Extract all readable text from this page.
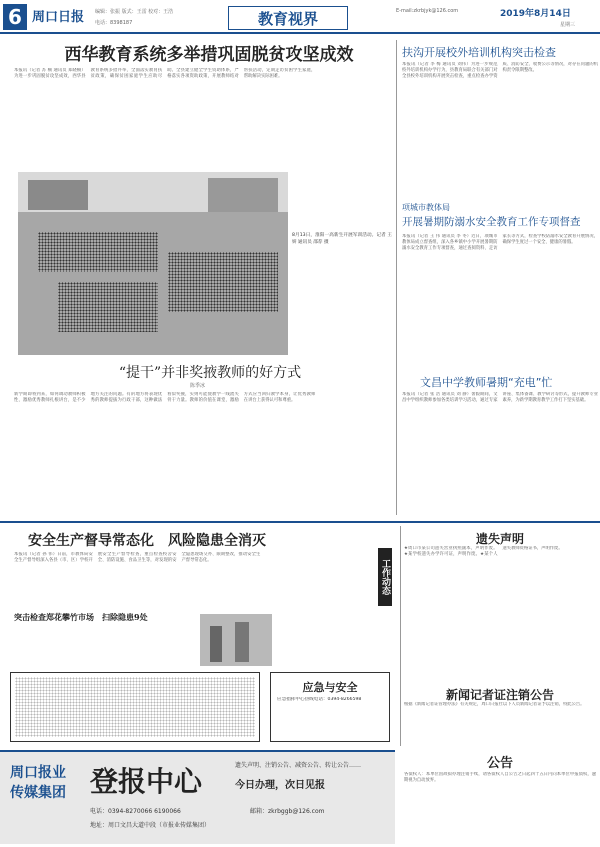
6 周口日报 编辑：张振 版式：王雷 校对：王浩
电话：8398187	教育视界	E-mail:zkrbjyk@126.com	2019年8月14日
星期三
西华教育系统多举措巩固脱贫攻坚成效
本报讯（记者 苏 楠 通讯员 郑晓楠）为进一步巩固脱贫攻坚成效，西华县教育系统多措并举，全面落实教育扶贫政策，确保贫困家庭学生应助尽助。全县建立健全学生资助体系，严格落实各项资助政策，开展教师结对帮扶活动，定期走访贫困学生家庭，帮助解决实际困难。
8月13日，淮阳一高新生开展军训活动。记者 王妍 通讯员 邵荐 摄
“提干”并非奖掖教师的好方式
陈季冰
新学期即将到来，如何调动教师积极性、激励优秀教师扎根讲台，是不少地方关注的问题。有的地方将表现优秀的教师提拔为行政干部，这种做法看似奖掖，实则可能使教学一线流失骨干力量。教师的价值在课堂，激励方式应当回归教学本身，让优秀教师在讲台上获得认可和尊重。
扶沟开展校外培训机构突击检查
本报讯（记者 李 梅 通讯员 刘伟）为进一步规范校外培训机构办学行为，县教育局联合有关部门对全县校外培训机构开展突击检查，重点检查办学资质、消防安全、收费公示等情况，对存在问题的机构责令限期整改。
项城市教体局
开展暑期防溺水安全教育工作专项督查
本报讯（记者 王 伟 通讯员 李 冬）近日，项城市教体局成立督查组，深入各乡镇中小学开展暑期防溺水安全教育工作专项督查，通过查阅资料、走访家长等方式，检查学校防溺水安全教育开展情况，确保学生度过一个安全、健康的暑假。
文昌中学教师暑期“充电”忙
本报讯（记者 张 浩 通讯员 刘 静）暑假期间，文昌中学组织教师参加各类培训学习活动，通过专家讲座、集体备课、教学研讨等形式，提升教师专业素养，为新学期教育教学工作打下坚实基础。
安全生产督导常态化　风险隐患全消灭
本报讯（记者 孙 伟）日前，市教体局安全生产督导组深入各县（市、区）学校开展安全生产督导检查，重点检查校舍安全、消防设施、食品卫生等，对发现的安全隐患现场交办、限期整改，推动安全生产督导常态化。	工作动态
突击检查郑花攀竹市场　扫除隐患9处
应急与安全
应急指挥中心热线电话：0394-8266598
遗失声明
★周口市某公司遗失营业执照副本，声明作废。★某学校遗失办学许可证，声明作废。★某个人遗失教师资格证书，声明作废。
新闻记者证注销公告
根据《新闻记者证管理办法》有关规定，周口日报社以下人员新闻记者证予以注销，特此公告。
周口报业
传媒集团 登报中心	遗失声明、注销公告、减资公告、转让公告……
今日办理，次日见报
电话：0394-8270066 6190066	邮箱：zkrbggb@126.com
地址：周口文昌大道中段（市报业传媒集团）
公告
各债权人：本单位因故拟办理注销手续，请各债权人自公告之日起四十五日内向本单位申报债权，逾期视为自动放弃。
